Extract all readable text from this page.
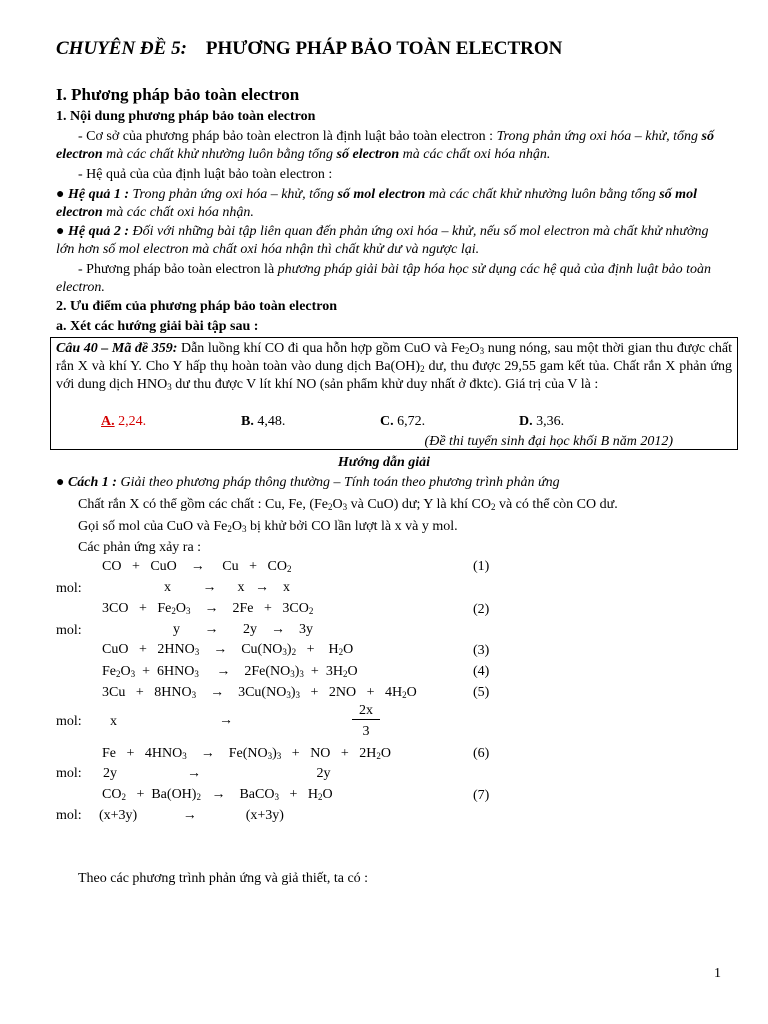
CHUYÊN ĐỀ 5: PHƯƠNG PHÁP BẢO TOÀN ELECTRON
I. Phương pháp bảo toàn electron
1. Nội dung phương pháp bảo toàn electron
- Cơ sở của phương pháp bảo toàn electron là định luật bảo toàn electron : Trong phản ứng oxi hóa – khử, tổng số electron mà các chất khử nhường luôn bằng tổng số electron mà các chất oxi hóa nhận.
- Hệ quả của của định luật bảo toàn electron :
● Hệ quả 1 : Trong phản ứng oxi hóa – khử, tổng số mol electron mà các chất khử nhường luôn bằng tổng số mol electron mà các chất oxi hóa nhận.
● Hệ quả 2 : Đối với những bài tập liên quan đến phản ứng oxi hóa – khử, nếu số mol electron mà chất khử nhường lớn hơn số mol electron mà chất oxi hóa nhận thì chất khử dư và ngược lại.
- Phương pháp bảo toàn electron là phương pháp giải bài tập hóa học sử dụng các hệ quả của định luật bảo toàn electron.
2. Ưu điểm của phương pháp bảo toàn electron
a. Xét các hướng giải bài tập sau :
Câu 40 – Mã đề 359: Dẫn luồng khí CO đi qua hỗn hợp gồm CuO và $Fe_2O_3$ nung nóng, sau một thời gian thu được chất rắn X và khí Y. Cho Y hấp thụ hoàn toàn vào dung dịch $Ba(OH)_2$ dư, thu được 29,55 gam kết tủa. Chất rắn X phản ứng với dung dịch $HNO_3$ dư thu được V lít khí NO (sản phẩm khử duy nhất ở đktc). Giá trị của V là :
A. 2,24.	B. 4,48.	C. 6,72.	D. 3,36.
(Đề thi tuyển sinh đại học khối B năm 2012)
Hướng dẫn giải
● Cách 1 : Giải theo phương pháp thông thường – Tính toán theo phương trình phản ứng
Chất rắn X có thể gồm các chất : Cu, Fe, ($Fe_2O_3$ và CuO) dư; Y là khí $CO_2$ và có thể còn CO dư.
Gọi số mol của CuO và $Fe_2O_3$ bị khử bởi CO lần lượt là x và y mol.
Các phản ứng xảy ra :
CO   +   CuO    →     $Cu + CO_2$	(1)
mol:	x         →      x   →    x
$3CO + Fe_2O_3$    →    $2Fe + 3CO_2$	(2)
mol:	y       →       2y    →    3y
CuO   +   $2HNO_3$    →    $Cu(NO_3)_2$   +    $H_2O$	(3)
$Fe_2O_3 + 6HNO_3$     →    $2Fe(NO_3)_3 + 3H_2O$	(4)
$3Cu + 8HNO_3$    →    $3Cu(NO_3)_3 + 2NO + 4H_2O$	(5)
mol: x	→	$\frac{2x}{3}$
$Fe + 4HNO_3$    →    $Fe(NO_3)_3$   +   NO   +   $2H_2O$	(6)
mol: 2y                    →                                 2y
$CO_2 + Ba(OH)_2$   →    BaCO$_3$   +   $H_2O$	(7)
mol: (x+3y)             →              (x+3y)
Theo các phương trình phản ứng và giả thiết, ta có :
1
